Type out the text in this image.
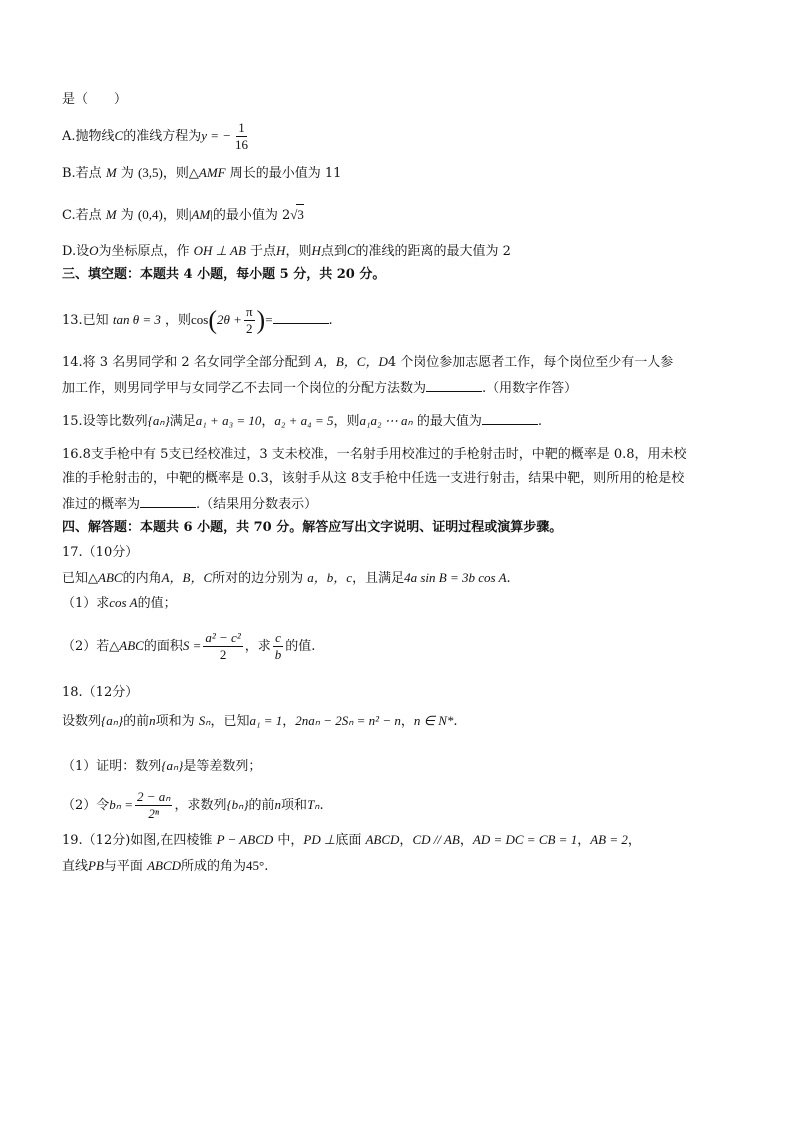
是（　　）
A.抛物线C的准线方程为y = − $\frac{1}{16}$
B.若点 M 为 (3,5)，则△AMF 周长的最小值为 11
C.若点 M 为 (0,4)，则|AM|的最小值为 2√3
D.设O为坐标原点，作 OH ⊥ AB 于点H，则H点到C的准线的距离的最大值为 2
三、填空题：本题共 4 小题，每小题 5 分，共 20 分。
13.已知 tan θ = 3 ，则$\cos(2\theta + \frac{\pi}{2}$ )=	.
14.将 3 名男同学和 2 名女同学全部分配到 A，B，C，D4 个岗位参加志愿者工作，每个岗位至少有一人参
加工作，则男同学甲与女同学乙不去同一个岗位的分配方法数为	.（用数字作答）
15.设等比数列{aₙ}满足a₁ + a₃ = 10，a₂ + a₄ = 5，则a₁a₂ ⋯ aₙ 的最大值为	.
16.8支手枪中有 5支已经校准过，3 支未校准，一名射手用校准过的手枪射击时，中靶的概率是 0.8，用未校
准的手枪射击的，中靶的概率是 0.3，该射手从这 8支手枪中任选一支进行射击，结果中靶，则所用的枪是校
准过的概率为	.（结果用分数表示）
四、解答题：本题共 6 小题，共 70 分。解答应写出文字说明、证明过程或演算步骤。
17.（10分）
已知△ABC的内角A，B，C所对的边分别为 a，b，c，且满足4a sin B = 3b cos A.
（1）求cos A的值；
（2）若△ABC的面积$S = \frac{\text{a² − c²}}{2}$ ，求 $\frac{c}{b}$ 的值.
18.（12分）
设数列{aₙ}的前n项和为 Sₙ，已知a₁ = 1，2naₙ − 2Sₙ = n² − n，n ∈ N*.
（1）证明：数列{aₙ}是等差数列；
（2）令$b_n = \frac{\text{2 − aₙ}}{\text{2ⁿ}}$ ，求数列{bₙ}的前n项和Tₙ.
19.（12分)如图,在四棱锥 P − ABCD 中，PD ⊥底面 ABCD，CD // AB，AD = DC = CB = 1，AB = 2，
直线PB与平面 ABCD所成的角为45°.
